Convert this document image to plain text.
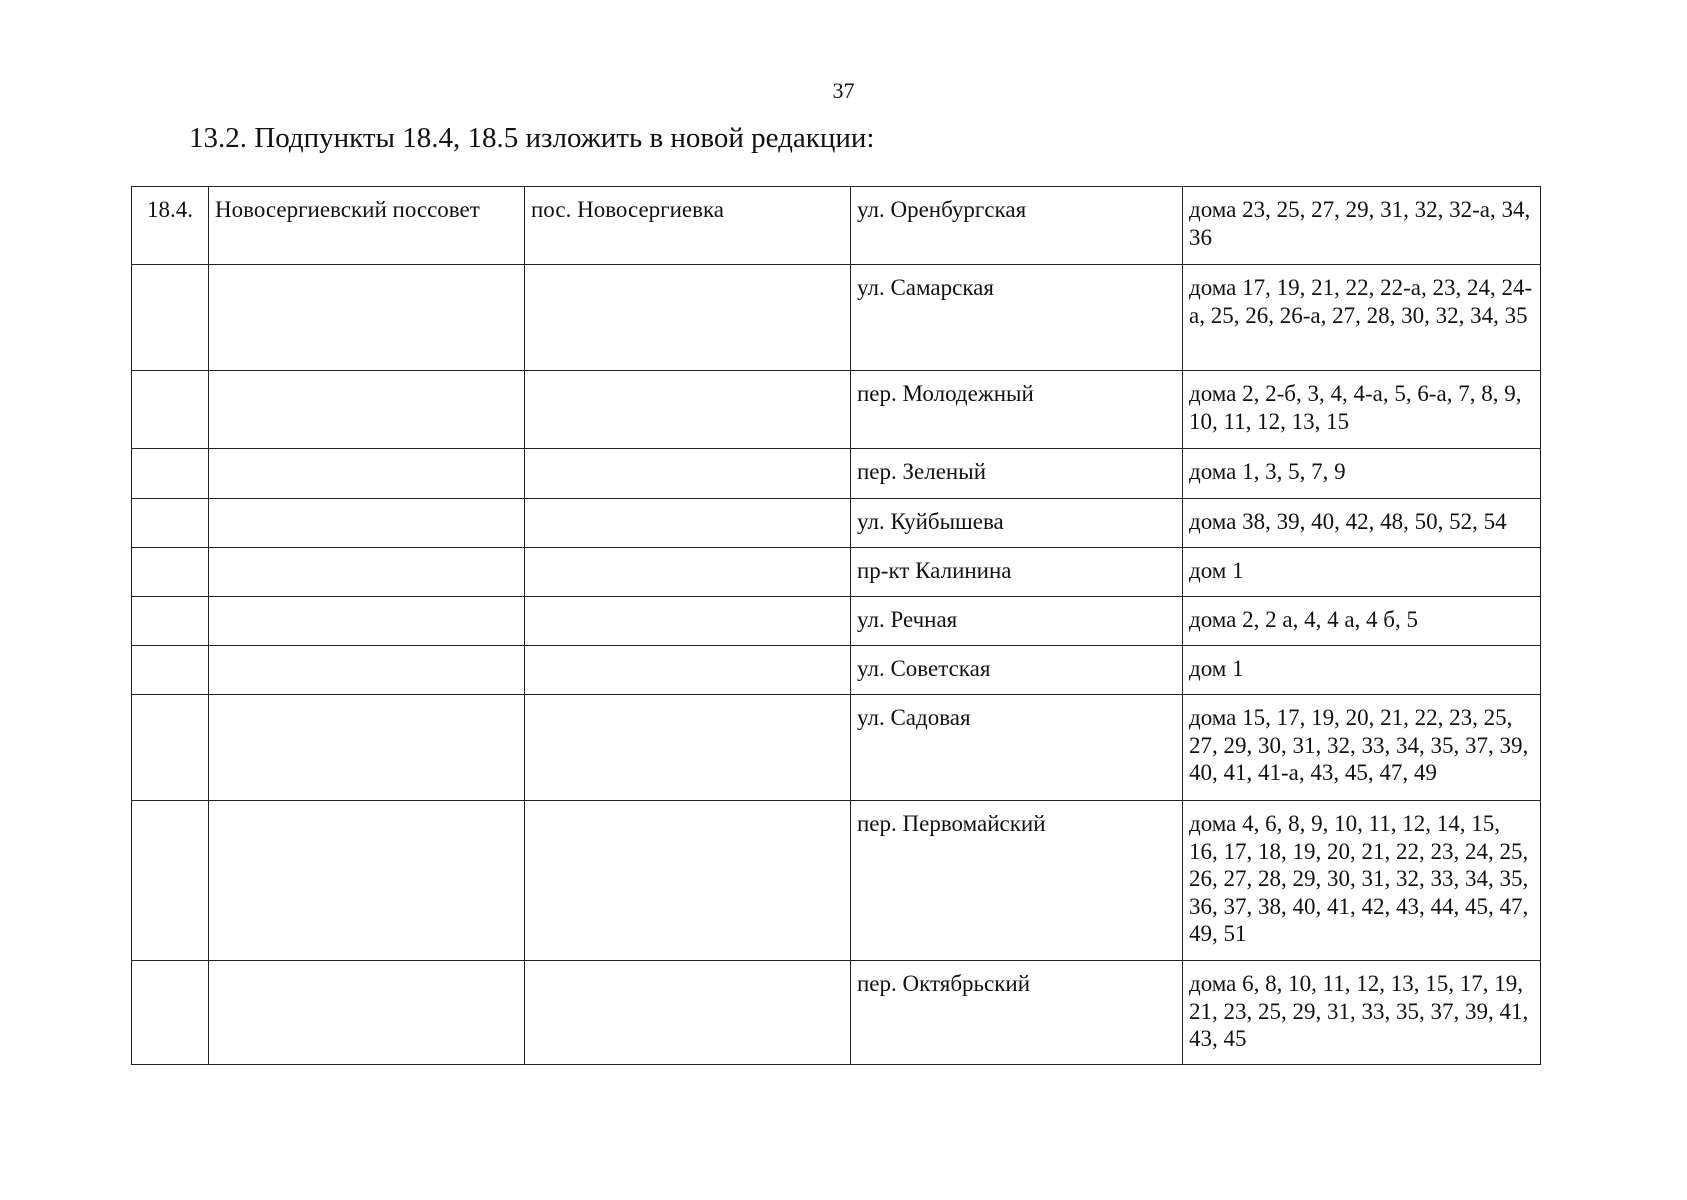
37
13.2. Подпункты 18.4, 18.5 изложить в новой редакции:
18.4.	Новосергиевский поссовет	пос. Новосергиевка	ул. Оренбургская	дома 23, 25, 27, 29, 31, 32, 32-а, 34, 36
			ул. Самарская	дома 17, 19, 21, 22, 22-а, 23, 24, 24-а, 25, 26, 26-а, 27, 28, 30, 32, 34, 35
			пер. Молодежный	дома 2, 2-б, 3, 4, 4-а, 5, 6-а, 7, 8, 9, 10, 11, 12, 13, 15
			пер. Зеленый	дома 1, 3, 5, 7, 9
			ул. Куйбышева	дома 38, 39, 40, 42, 48, 50, 52, 54
			пр-кт Калинина	дом 1
			ул. Речная	дома 2, 2 а, 4, 4 а, 4 б, 5
			ул. Советская	дом 1
			ул. Садовая	дома 15, 17, 19, 20, 21, 22, 23, 25, 27, 29, 30, 31, 32, 33, 34, 35, 37, 39, 40, 41, 41-а, 43, 45, 47, 49
			пер. Первомайский	дома 4, 6, 8, 9, 10, 11, 12, 14, 15, 16, 17, 18, 19, 20, 21, 22, 23, 24, 25, 26, 27, 28, 29, 30, 31, 32, 33, 34, 35, 36, 37, 38, 40, 41, 42, 43, 44, 45, 47, 49, 51
			пер. Октябрьский	дома 6, 8, 10, 11, 12, 13, 15, 17, 19, 21, 23, 25, 29, 31, 33, 35, 37, 39, 41, 43, 45
